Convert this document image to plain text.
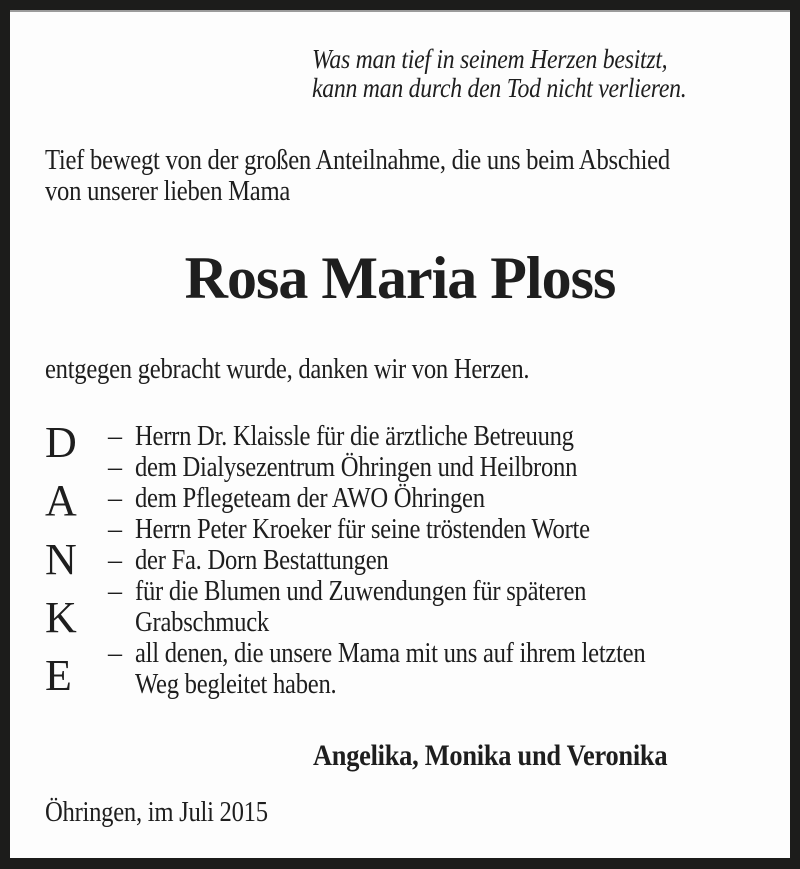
Was man tief in seinem Herzen besitzt,
kann man durch den Tod nicht verlieren.
Tief bewegt von der großen Anteilnahme, die uns beim Abschied
von unserer lieben Mama
Rosa Maria Ploss
entgegen gebracht wurde, danken wir von Herzen.
D
A
N
K
E
– Herrn Dr. Klaissle für die ärztliche Betreuung
– dem Dialysezentrum Öhringen und Heilbronn
– dem Pflegeteam der AWO Öhringen
– Herrn Peter Kroeker für seine tröstenden Worte
– der Fa. Dorn Bestattungen
– für die Blumen und Zuwendungen für späteren
Grabschmuck
– all denen, die unsere Mama mit uns auf ihrem letzten
Weg begleitet haben.
Angelika, Monika und Veronika
Öhringen, im Juli 2015
